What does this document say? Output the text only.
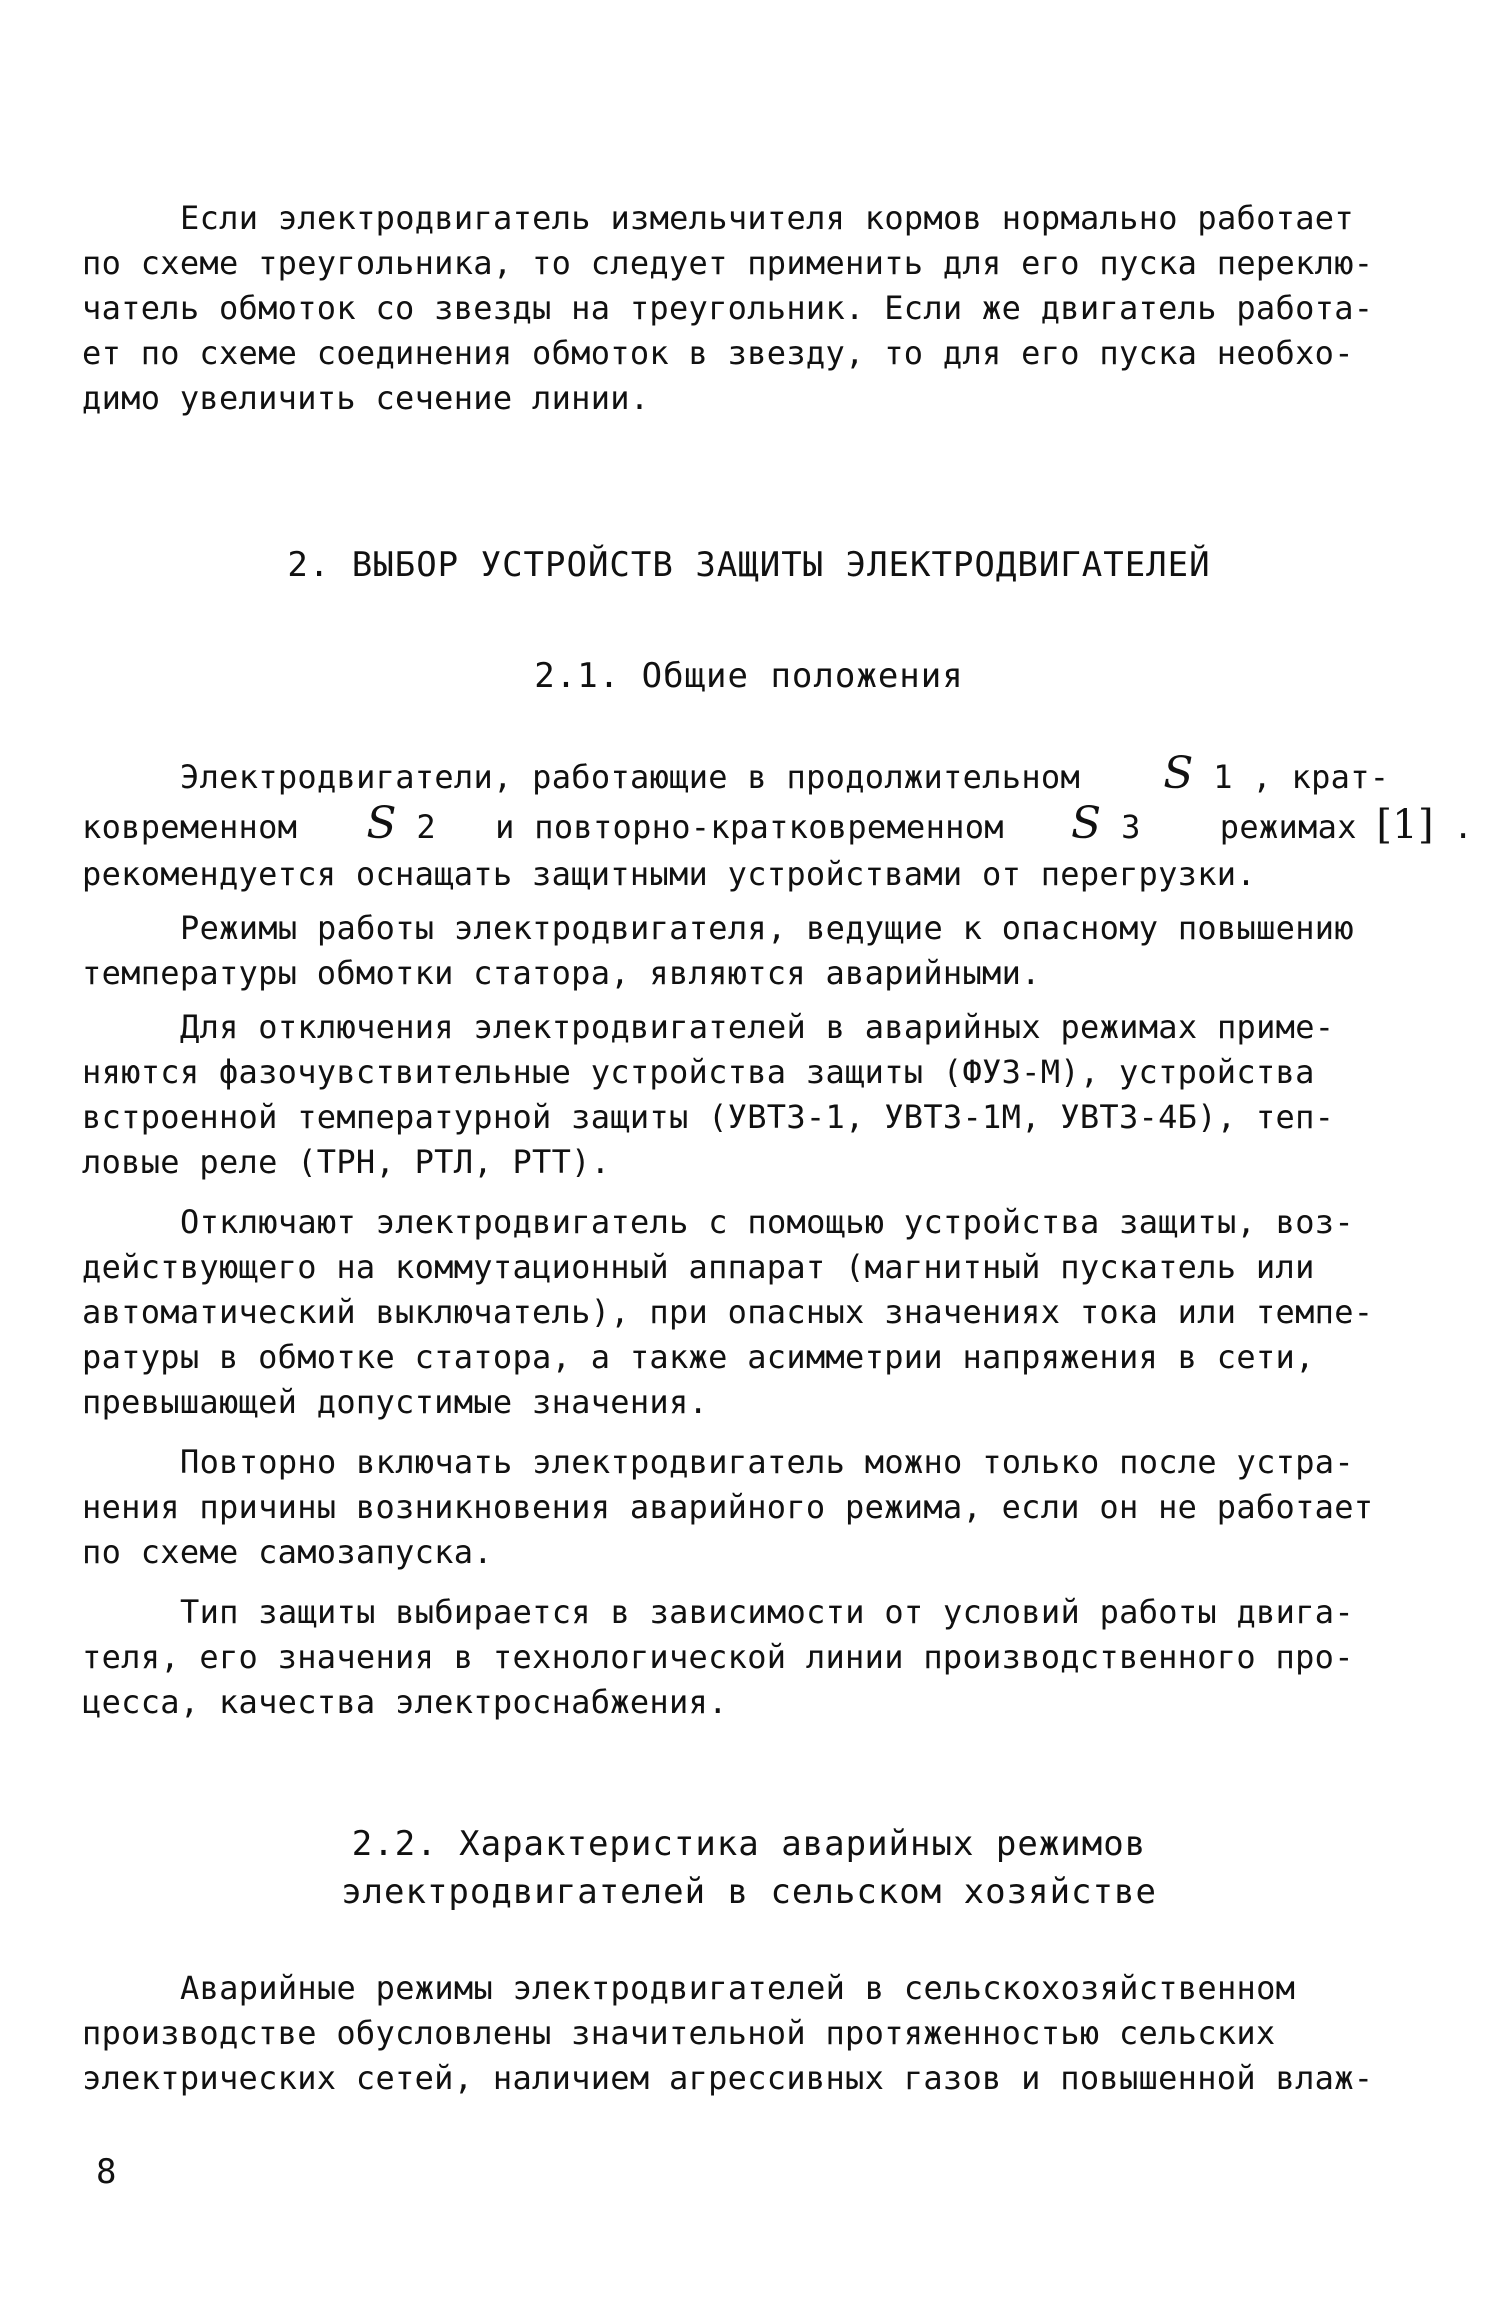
Если электродвигатель измельчителя кормов нормально работает
по схеме треугольника, то следует применить для его пуска переклю-
чатель обмоток со звезды на треугольник. Если же двигатель работа-
ет по схеме соединения обмоток в звезду, то для его пуска необхо-
димо увеличить сечение линии.
2. ВЫБОР УСТРОЙСТВ ЗАЩИТЫ ЭЛЕКТРОДВИГАТЕЛЕЙ
2.1. Общие положения
Электродвигатели, работающие в продолжительном S 1 , крат-
ковременном S 2 и повторно-кратковременном S 3 режимах [1] .
рекомендуется оснащать защитными устройствами от перегрузки.
Режимы работы электродвигателя, ведущие к опасному повышению
температуры обмотки статора, являются аварийными.
Для отключения электродвигателей в аварийных режимах приме-
няются фазочувствительные устройства защиты (ФУЗ-М), устройства
встроенной температурной защиты (УВТЗ-1, УВТЗ-1М, УВТЗ-4Б), теп-
ловые реле (ТРН, РТЛ, РТТ).
Отключают электродвигатель с помощью устройства защиты, воз-
действующего на коммутационный аппарат (магнитный пускатель или
автоматический выключатель), при опасных значениях тока или темпе-
ратуры в обмотке статора, а также асимметрии напряжения в сети,
превышающей допустимые значения.
Повторно включать электродвигатель можно только после устра-
нения причины возникновения аварийного режима, если он не работает
по схеме самозапуска.
Тип защиты выбирается в зависимости от условий работы двига-
теля, его значения в технологической линии производственного про-
цесса, качества электроснабжения.
2.2. Характеристика аварийных режимов
электродвигателей в сельском хозяйстве
Аварийные режимы электродвигателей в сельскохозяйственном
производстве обусловлены значительной протяженностью сельских
электрических сетей, наличием агрессивных газов и повышенной влаж-
8
